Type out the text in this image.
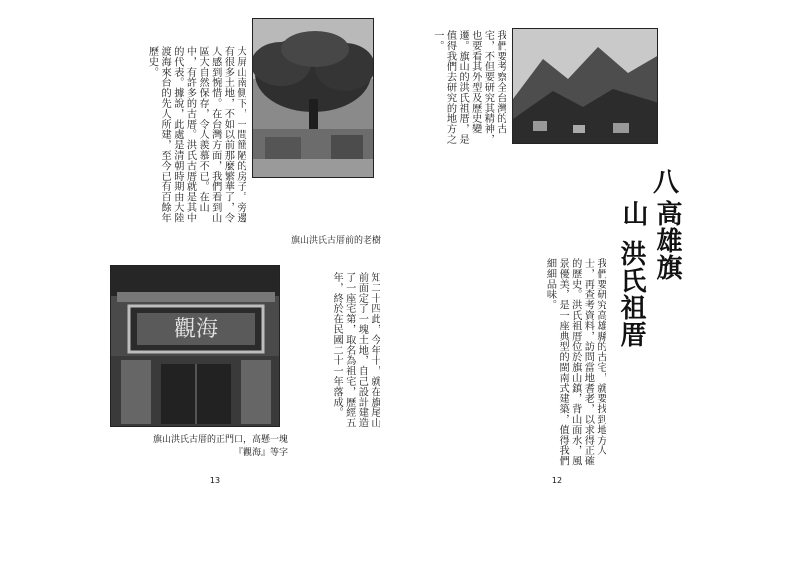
旗山洪氏古厝前的老樹
大屏山南側下，一間簡陋的房子。旁邊有很多土地，不如以前那麼繁華了，令人感到惋惜。在台灣方面，我們看到山區大自然保存，令人羨慕不已。在山中，有許多的古厝。洪氏古厝就是其中的代表。據說，此處是清朝時期由大陸渡海來台的先人所建，至今已有百餘年歷史。
觀海	知二十四此，今年十，就在旗尾山前面定了一塊土地，自己設計建造了一座宅第，取名為祖宅，歷經五年，終於在民國二十一年落成。
旗山洪氏古厝的正門口，高懸一塊
『觀海』等字
13
我們要考察全台灣的古宅，不但要研究其精神，也要看其外型及歷史變遷。旗山的洪氏祖厝，是值得我們去研究的地方之一。
八
高雄旗山
洪氏祖厝
我們要研究高雄縣的古宅，就要找到地方人士，再查考資料，訪問當地耆老，以求得正確的歷史。洪氏祖厝位於旗山鎮，背山面水，風景優美，是一座典型的閩南式建築，值得我們細細品味。
12
